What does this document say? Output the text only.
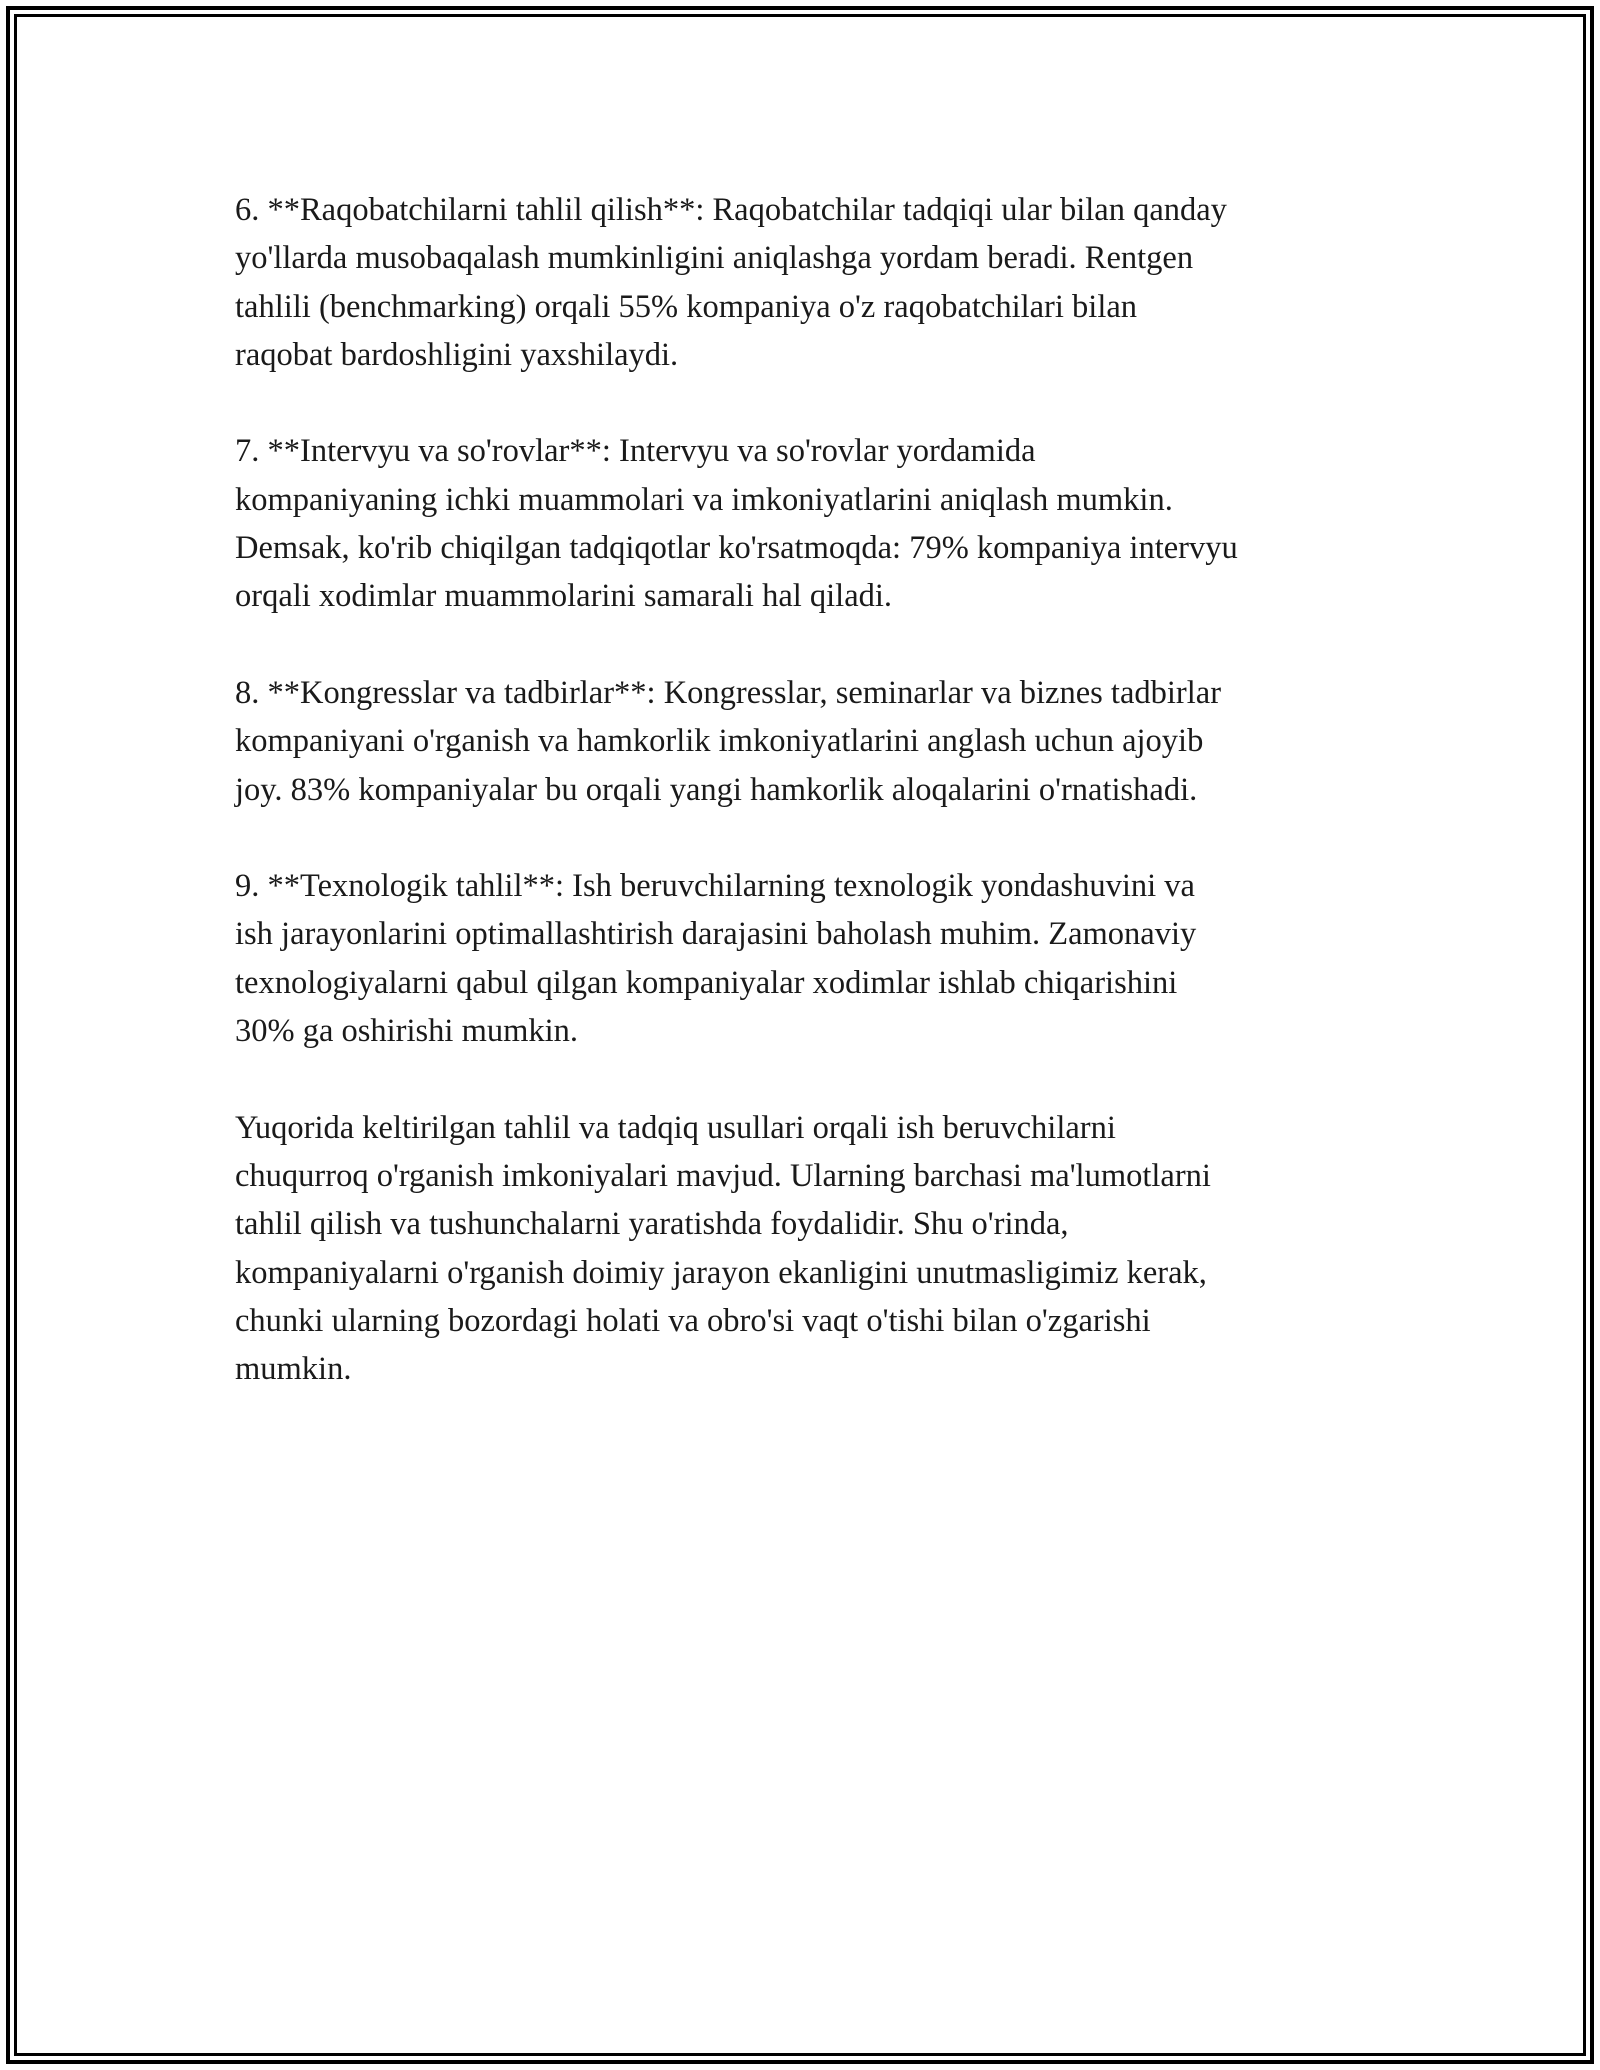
6. **Raqobatchilarni tahlil qilish**: Raqobatchilar tadqiqi ular bilan qanday
yo'llarda musobaqalash mumkinligini aniqlashga yordam beradi. Rentgen
tahlili (benchmarking) orqali 55% kompaniya o'z raqobatchilari bilan
raqobat bardoshligini yaxshilaydi.

7. **Intervyu va so'rovlar**: Intervyu va so'rovlar yordamida
kompaniyaning ichki muammolari va imkoniyatlarini aniqlash mumkin.
Demsak, ko'rib chiqilgan tadqiqotlar ko'rsatmoqda: 79% kompaniya intervyu
orqali xodimlar muammolarini samarali hal qiladi.

8. **Kongresslar va tadbirlar**: Kongresslar, seminarlar va biznes tadbirlar
kompaniyani o'rganish va hamkorlik imkoniyatlarini anglash uchun ajoyib
joy. 83% kompaniyalar bu orqali yangi hamkorlik aloqalarini o'rnatishadi.

9. **Texnologik tahlil**: Ish beruvchilarning texnologik yondashuvini va
ish jarayonlarini optimallashtirish darajasini baholash muhim. Zamonaviy
texnologiyalarni qabul qilgan kompaniyalar xodimlar ishlab chiqarishini
30% ga oshirishi mumkin.

Yuqorida keltirilgan tahlil va tadqiq usullari orqali ish beruvchilarni
chuqurroq o'rganish imkoniyalari mavjud. Ularning barchasi ma'lumotlarni
tahlil qilish va tushunchalarni yaratishda foydalidir. Shu o'rinda,
kompaniyalarni o'rganish doimiy jarayon ekanligini unutmasligimiz kerak,
chunki ularning bozordagi holati va obro'si vaqt o'tishi bilan o'zgarishi
mumkin.
